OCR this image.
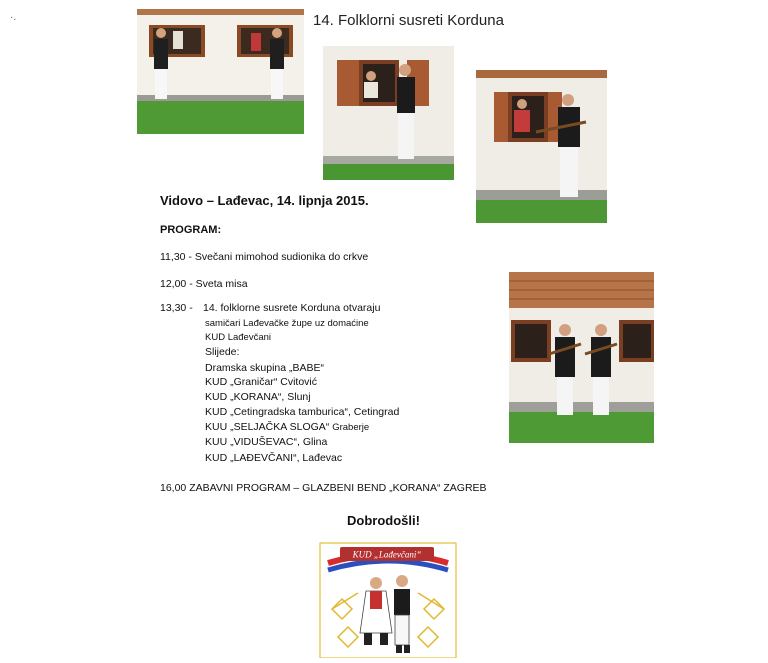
·.	14. Folklorni susreti Korduna
Vidovo – Lađevac, 14. lipnja 2015.
PROGRAM:
11,30 - Svečani mimohod sudionika do crkve
12,00 - Sveta misa
13,30 - 14. folklorne susrete Korduna otvaraju
samičari Lađevačke župe uz domaćine
KUD Lađevčani
Slijede:
Dramska skupina „BABE“
KUD „Graničar“ Cvitović
KUD „KORANA“, Slunj
KUD „Cetingradska tamburica“, Cetingrad
KUU „SELJAČKA SLOGA“ Graberje
KUU „VIDUŠEVAC“, Glina
KUD „LAĐEVČANI“, Lađevac
16,00 ZABAVNI PROGRAM – GLAZBENI BEND „KORANA“ ZAGREB
Dobrodošli!
KUD „Lađevčani“
